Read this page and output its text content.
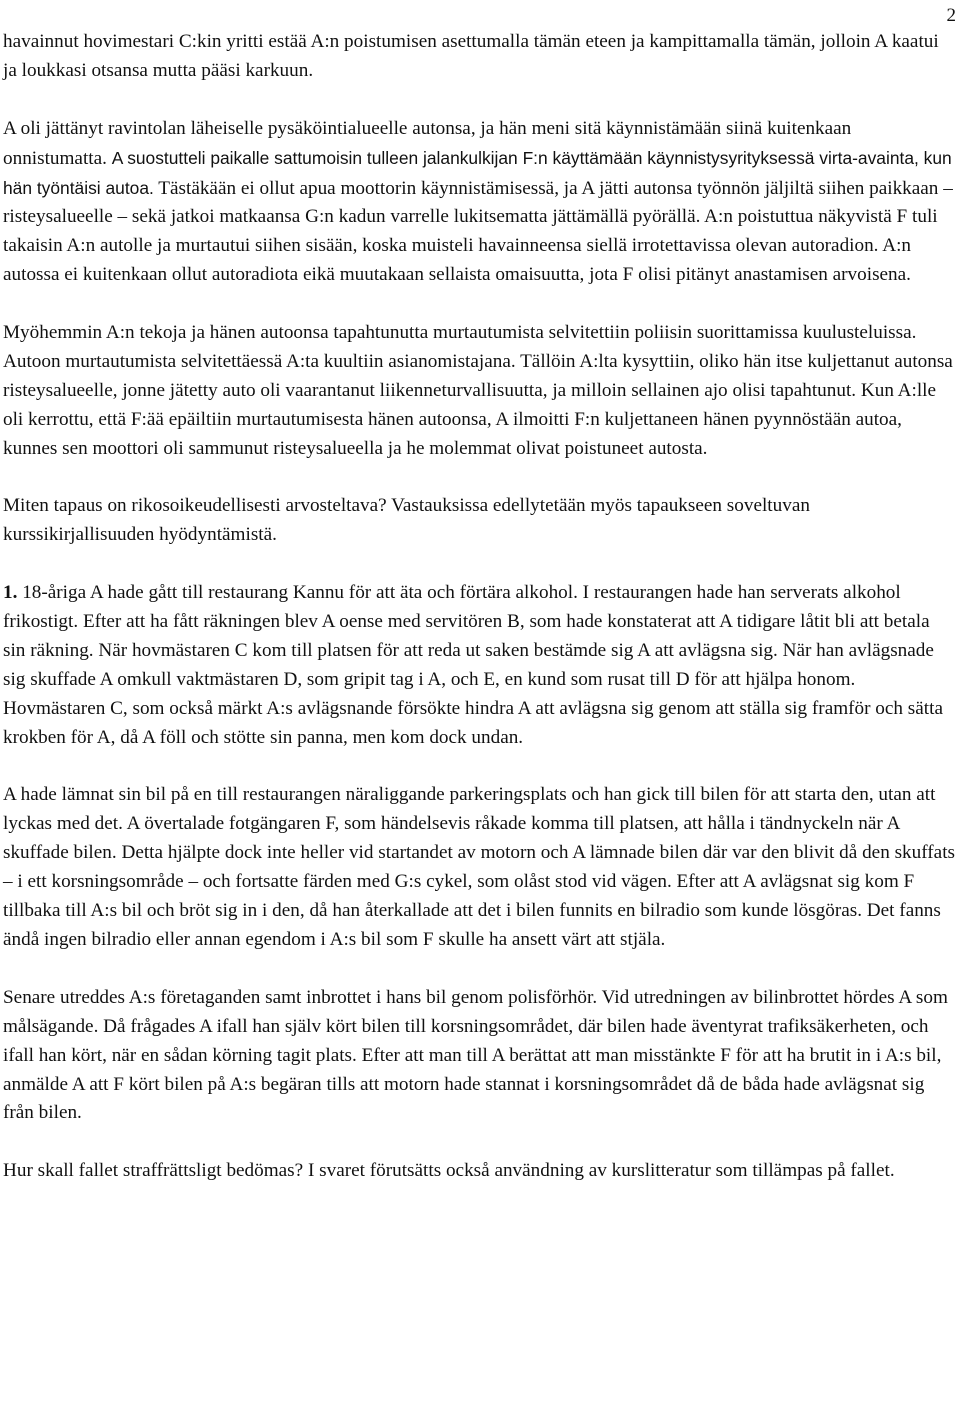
2

havainnut hovimestari C:kin yritti estää A:n poistumisen asettumalla tämän eteen ja kampittamalla tämän, jolloin A kaatui ja loukkasi otsansa mutta pääsi karkuun.

A oli jättänyt ravintolan läheiselle pysäköintialueelle autonsa, ja hän meni sitä käynnistämään siinä kuitenkaan onnistumatta. A suostutteli paikalle sattumoisin tulleen jalankulkijan F:n käyttämään käynnistysyrityksessä virta-avainta, kun hän työntäisi autoa. Tästäkään ei ollut apua moottorin käynnistämisessä, ja A jätti autonsa työnnön jäljiltä siihen paikkaan – risteysalueelle – sekä jatkoi matkaansa G:n kadun varrelle lukitsematta jättämällä pyörällä. A:n poistuttua näkyvistä F tuli takaisin A:n autolle ja murtautui siihen sisään, koska muisteli havainneensa siellä irrotettavissa olevan autoradion. A:n autossa ei kuitenkaan ollut autoradiota eikä muutakaan sellaista omaisuutta, jota F olisi pitänyt anastamisen arvoisena.

Myöhemmin A:n tekoja ja hänen autoonsa tapahtunutta murtautumista selvitettiin poliisin suorittamissa kuulusteluissa. Autoon murtautumista selvitettäessä A:ta kuultiin asianomistajana. Tällöin A:lta kysyttiin, oliko hän itse kuljettanut autonsa risteysalueelle, jonne jätetty auto oli vaarantanut liikenneturvallisuutta, ja milloin sellainen ajo olisi tapahtunut. Kun A:lle oli kerrottu, että F:ää epäiltiin murtautumisesta hänen autoonsa, A ilmoitti F:n kuljettaneen hänen pyynnöstään autoa, kunnes sen moottori oli sammunut risteysalueella ja he molemmat olivat poistuneet autosta.

Miten tapaus on rikosoikeudellisesti arvosteltava? Vastauksissa edellytetään myös tapaukseen soveltuvan kurssikirjallisuuden hyödyntämistä.

1. 18-åriga A hade gått till restaurang Kannu för att äta och förtära alkohol. I restaurangen hade han serverats alkohol frikostigt. Efter att ha fått räkningen blev A oense med servitören B, som hade konstaterat att A tidigare låtit bli att betala sin räkning. När hovmästaren C kom till platsen för att reda ut saken bestämde sig A att avlägsna sig. När han avlägsnade sig skuffade A omkull vaktmästaren D, som gripit tag i A, och E, en kund som rusat till D för att hjälpa honom. Hovmästaren C, som också märkt A:s avlägsnande försökte hindra A att avlägsna sig genom att ställa sig framför och sätta krokben för A, då A föll och stötte sin panna, men kom dock undan.

A hade lämnat sin bil på en till restaurangen näraliggande parkeringsplats och han gick till bilen för att starta den, utan att lyckas med det. A övertalade fotgängaren F, som händelsevis råkade komma till platsen, att hålla i tändnyckeln när A skuffade bilen. Detta hjälpte dock inte heller vid startandet av motorn och A lämnade bilen där var den blivit då den skuffats – i ett korsningsområde – och fortsatte färden med G:s cykel, som olåst stod vid vägen. Efter att A avlägsnat sig kom F tillbaka till A:s bil och bröt sig in i den, då han återkallade att det i bilen funnits en bilradio som kunde lösgöras. Det fanns ändå ingen bilradio eller annan egendom i A:s bil som F skulle ha ansett värt att stjäla.

Senare utreddes A:s företaganden samt inbrottet i hans bil genom polisförhör. Vid utredningen av bilinbrottet hördes A som målsägande. Då frågades A ifall han själv kört bilen till korsningsområdet, där bilen hade äventyrat trafiksäkerheten, och ifall han kört, när en sådan körning tagit plats. Efter att man till A berättat att man misstänkte F för att ha brutit in i A:s bil, anmälde A att F kört bilen på A:s begäran tills att motorn hade stannat i korsningsområdet då de båda hade avlägsnat sig från bilen.

Hur skall fallet straffrättsligt bedömas? I svaret förutsätts också användning av kurslitteratur som tillämpas på fallet.
